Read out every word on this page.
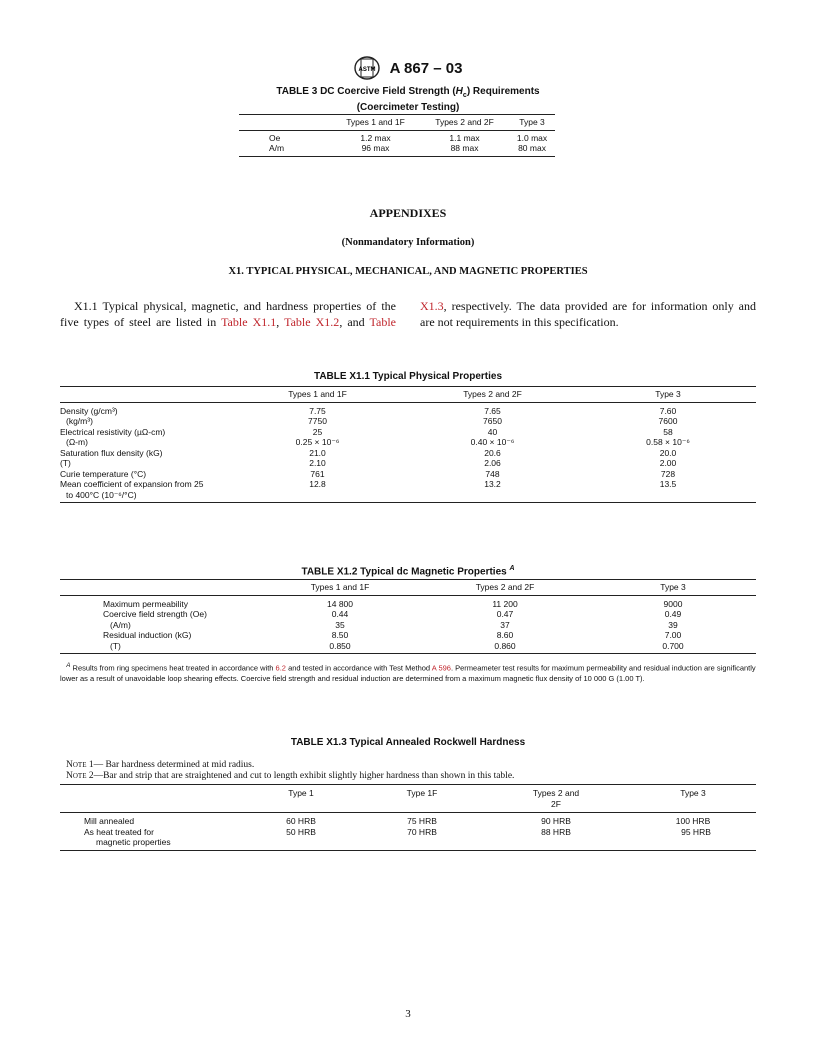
ASTM A 867 – 03
TABLE 3 DC Coercive Field Strength $(H_c)$ Requirements
(Coercimeter Testing)
	Types 1 and 1F	Types 2 and 2F	Type 3
Oe	1.2 max	1.1 max	1.0 max
A/m	96 max	88 max	80 max
APPENDIXES
(Nonmandatory Information)
X1. TYPICAL PHYSICAL, MECHANICAL, AND MAGNETIC PROPERTIES
X1.1 Typical physical, magnetic, and hardness properties of the five types of steel are listed in Table X1.1, Table X1.2, and Table X1.3, respectively. The data provided are for information only and are not requirements in this specification.
TABLE X1.1 Typical Physical Properties
	Types 1 and 1F	Types 2 and 2F	Type 3
Density (g/cm³)	7.75	7.65	7.60
(kg/m³)	7750	7650	7600
Electrical resistivity (µΩ-cm)	25	40	58
(Ω-m)	0.25 × 10⁻⁶	0.40 × 10⁻⁶	0.58 × 10⁻⁶
Saturation flux density (kG)	21.0	20.6	20.0
(T)	2.10	2.06	2.00
Curie temperature (°C)	761	748	728
Mean coefficient of expansion from 25	12.8	13.2	13.5
to 400°C (10⁻⁶/°C)			
TABLE X1.2 Typical dc Magnetic Properties $^A$
	Types 1 and 1F	Types 2 and 2F	Type 3
Maximum permeability	14 800	11 200	9000
Coercive field strength (Oe)	0.44	0.47	0.49
(A/m)	35	37	39
Residual induction (kG)	8.50	8.60	7.00
(T)	0.850	0.860	0.700
$^A$ Results from ring specimens heat treated in accordance with 6.2 and tested in accordance with Test Method A 596. Permeameter test results for maximum permeability and residual induction are significantly lower as a result of unavoidable loop shearing effects. Coercive field strength and residual induction are determined from a maximum magnetic flux density of 10 000 G (1.00 T).
TABLE X1.3 Typical Annealed Rockwell Hardness
Note 1— Bar hardness determined at mid radius.
Note 2—Bar and strip that are straightened and cut to length exhibit slightly higher hardness than shown in this table.
	Type 1	Type 1F	Types 2 and
2F	Type 3
Mill annealed	60 HRB	75 HRB	90 HRB	100 HRB
As heat treated for	50 HRB	70 HRB	88 HRB	95 HRB
magnetic properties				
3
